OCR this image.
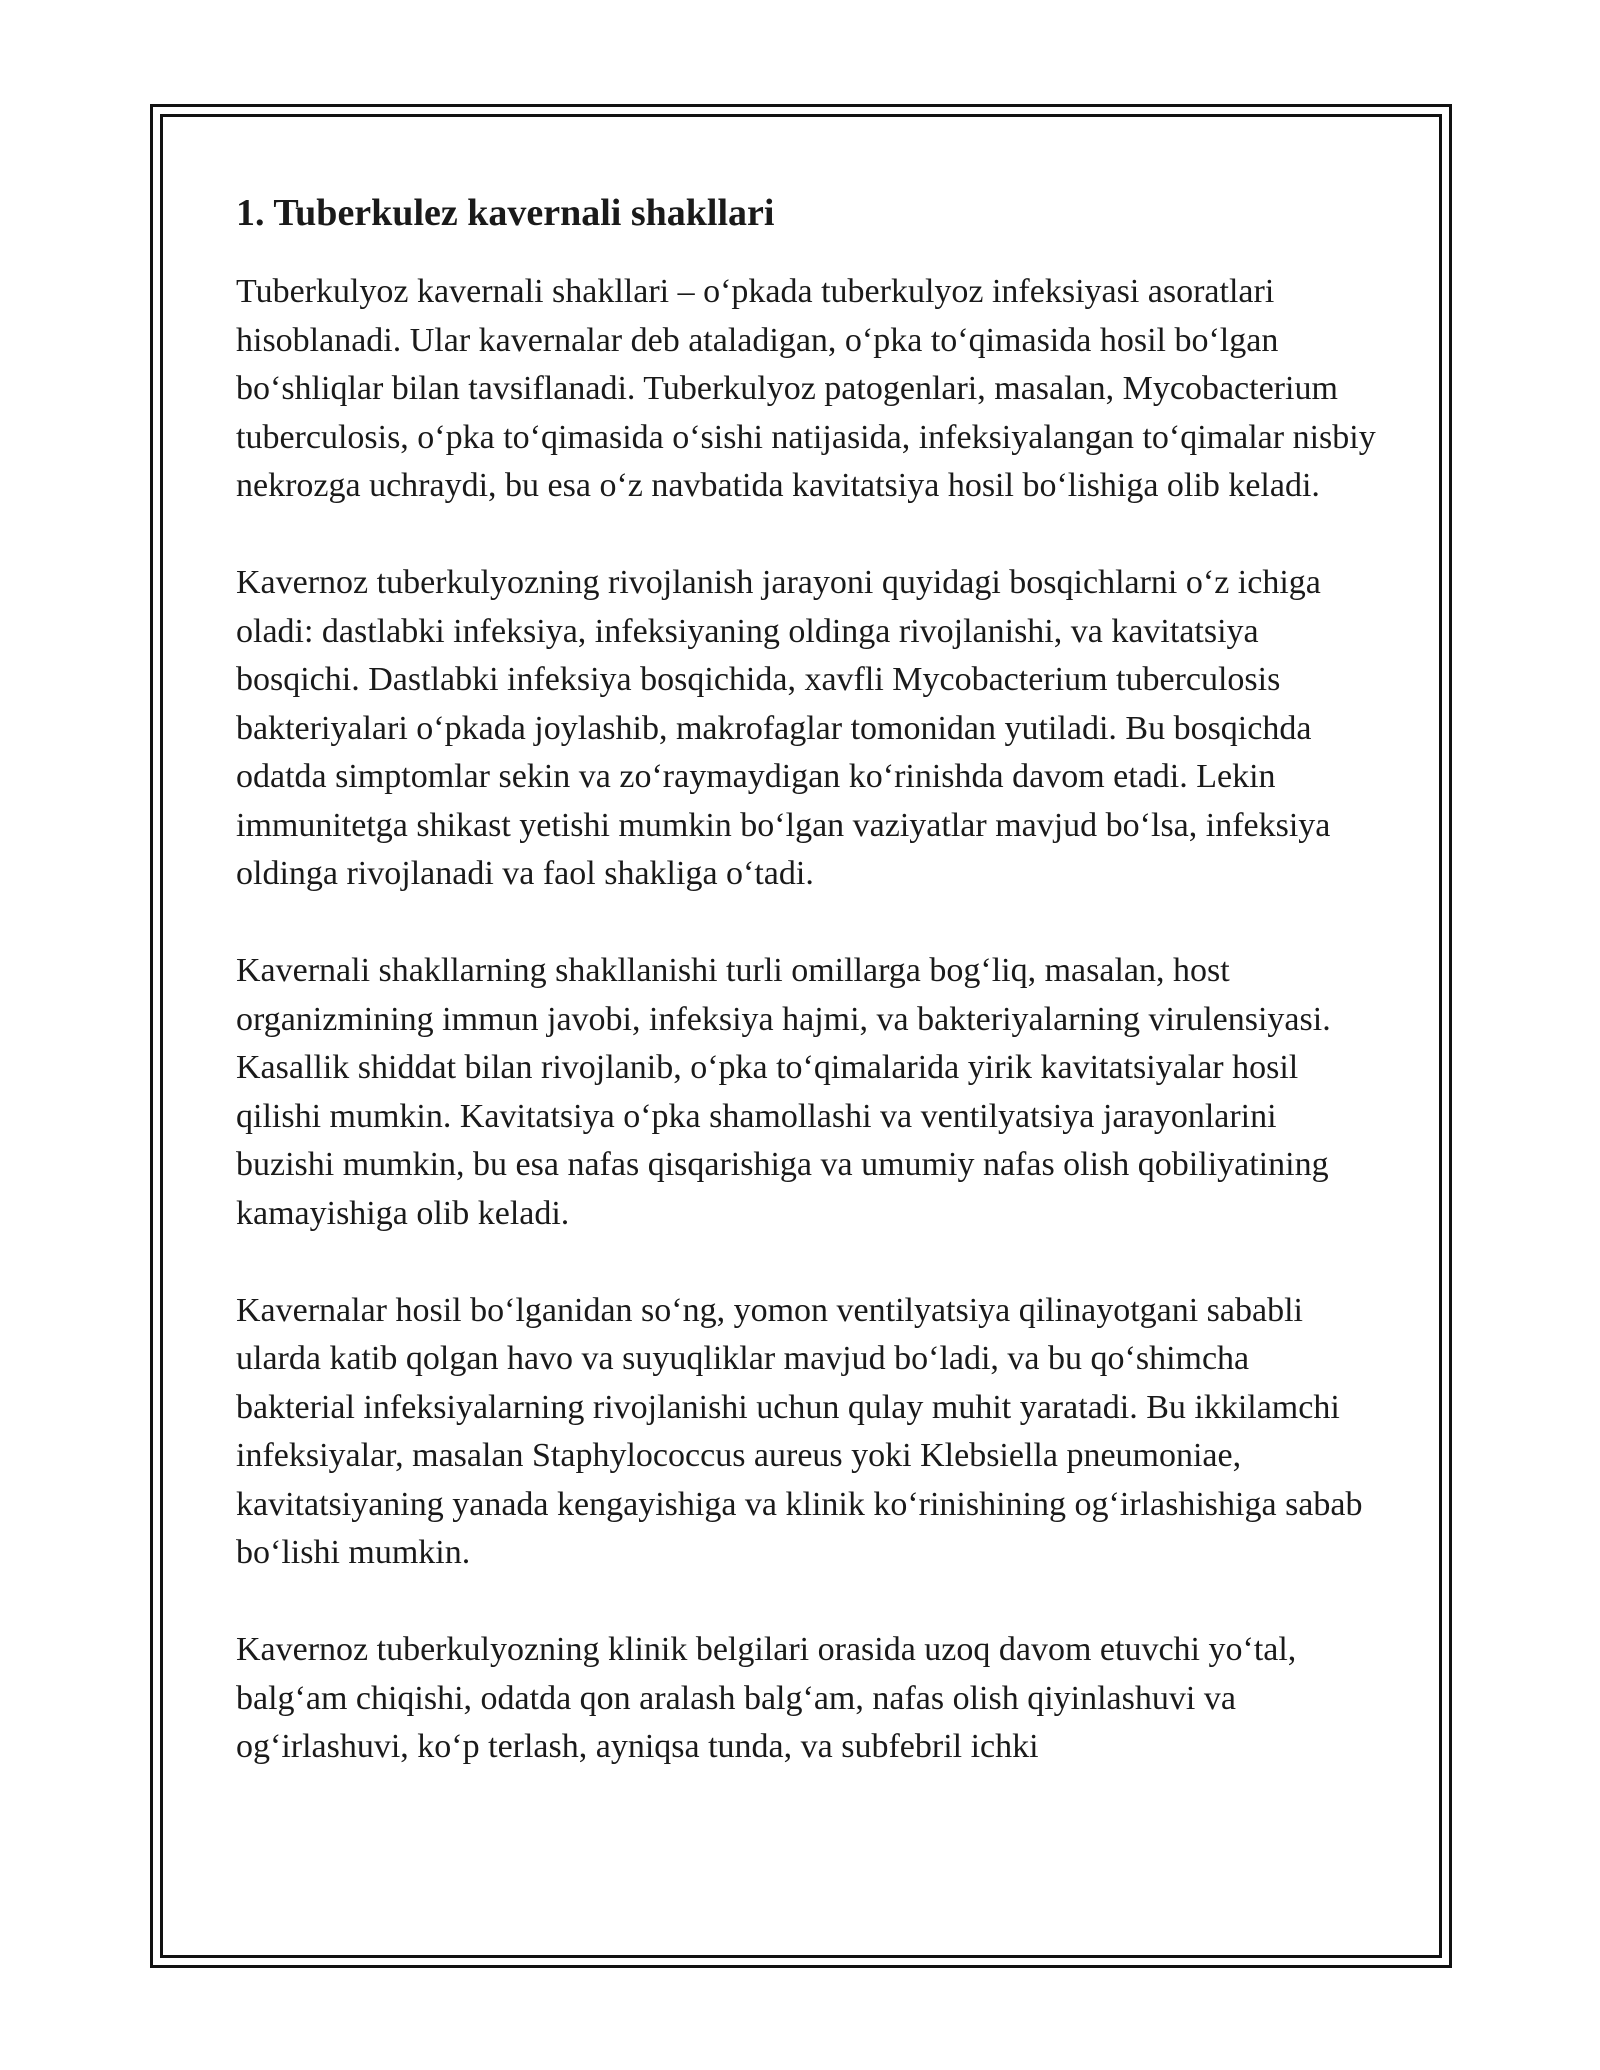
1. Tuberkulez kavernali shakllari

Tuberkulyoz kavernali shakllari – o‘pkada tuberkulyoz infeksiyasi asoratlari hisoblanadi. Ular kavernalar deb ataladigan, o‘pka to‘qimasida hosil bo‘lgan bo‘shliqlar bilan tavsiflanadi. Tuberkulyoz patogenlari, masalan, Mycobacterium tuberculosis, o‘pka to‘qimasida o‘sishi natijasida, infeksiyalangan to‘qimalar nisbiy nekrozga uchraydi, bu esa o‘z navbatida kavitatsiya hosil bo‘lishiga olib keladi.

Kavernoz tuberkulyozning rivojlanish jarayoni quyidagi bosqichlarni o‘z ichiga oladi: dastlabki infeksiya, infeksiyaning oldinga rivojlanishi, va kavitatsiya bosqichi. Dastlabki infeksiya bosqichida, xavfli Mycobacterium tuberculosis bakteriyalari o‘pkada joylashib, makrofaglar tomonidan yutiladi. Bu bosqichda odatda simptomlar sekin va zo‘raymaydigan ko‘rinishda davom etadi. Lekin immunitetga shikast yetishi mumkin bo‘lgan vaziyatlar mavjud bo‘lsa, infeksiya oldinga rivojlanadi va faol shakliga o‘tadi.

Kavernali shakllarning shakllanishi turli omillarga bog‘liq, masalan, host organizmining immun javobi, infeksiya hajmi, va bakteriyalarning virulensiyasi. Kasallik shiddat bilan rivojlanib, o‘pka to‘qimalarida yirik kavitatsiyalar hosil qilishi mumkin. Kavitatsiya o‘pka shamollashi va ventilyatsiya jarayonlarini buzishi mumkin, bu esa nafas qisqarishiga va umumiy nafas olish qobiliyatining kamayishiga olib keladi.

Kavernalar hosil bo‘lganidan so‘ng, yomon ventilyatsiya qilinayotgani sababli ularda katib qolgan havo va suyuqliklar mavjud bo‘ladi, va bu qo‘shimcha bakterial infeksiyalarning rivojlanishi uchun qulay muhit yaratadi. Bu ikkilamchi infeksiyalar, masalan Staphylococcus aureus yoki Klebsiella pneumoniae, kavitatsiyaning yanada kengayishiga va klinik ko‘rinishining og‘irlashishiga sabab bo‘lishi mumkin.

Kavernoz tuberkulyozning klinik belgilari orasida uzoq davom etuvchi yo‘tal, balg‘am chiqishi, odatda qon aralash balg‘am, nafas olish qiyinlashuvi va og‘irlashuvi, ko‘p terlash, ayniqsa tunda, va subfebril ichki
